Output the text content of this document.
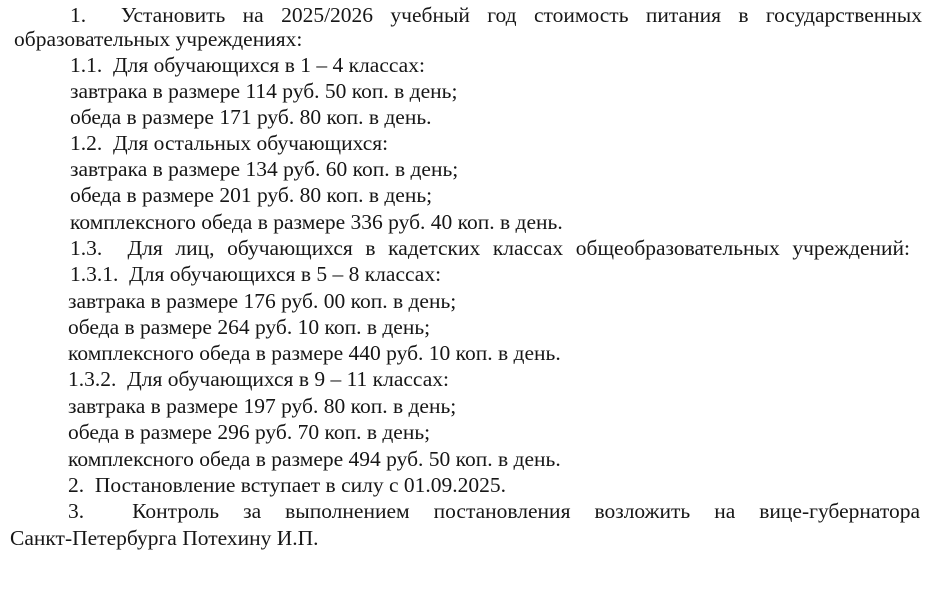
1. Установить на 2025/2026 учебный год стоимость питания в государственных
образовательных учреждениях:
1.1. Для обучающихся в 1 – 4 классах:
завтрака в размере 114 руб. 50 коп. в день;
обеда в размере 171 руб. 80 коп. в день.
1.2. Для остальных обучающихся:
завтрака в размере 134 руб. 60 коп. в день;
обеда в размере 201 руб. 80 коп. в день;
комплексного обеда в размере 336 руб. 40 коп. в день.
1.3. Для лиц, обучающихся в кадетских классах общеобразовательных учреждений:
1.3.1. Для обучающихся в 5 – 8 классах:
завтрака в размере 176 руб. 00 коп. в день;
обеда в размере 264 руб. 10 коп. в день;
комплексного обеда в размере 440 руб. 10 коп. в день.
1.3.2. Для обучающихся в 9 – 11 классах:
завтрака в размере 197 руб. 80 коп. в день;
обеда в размере 296 руб. 70 коп. в день;
комплексного обеда в размере 494 руб. 50 коп. в день.
2. Постановление вступает в силу с 01.09.2025.
3. Контроль за выполнением постановления возложить на вице-губернатора
Санкт-Петербурга Потехину И.П.
